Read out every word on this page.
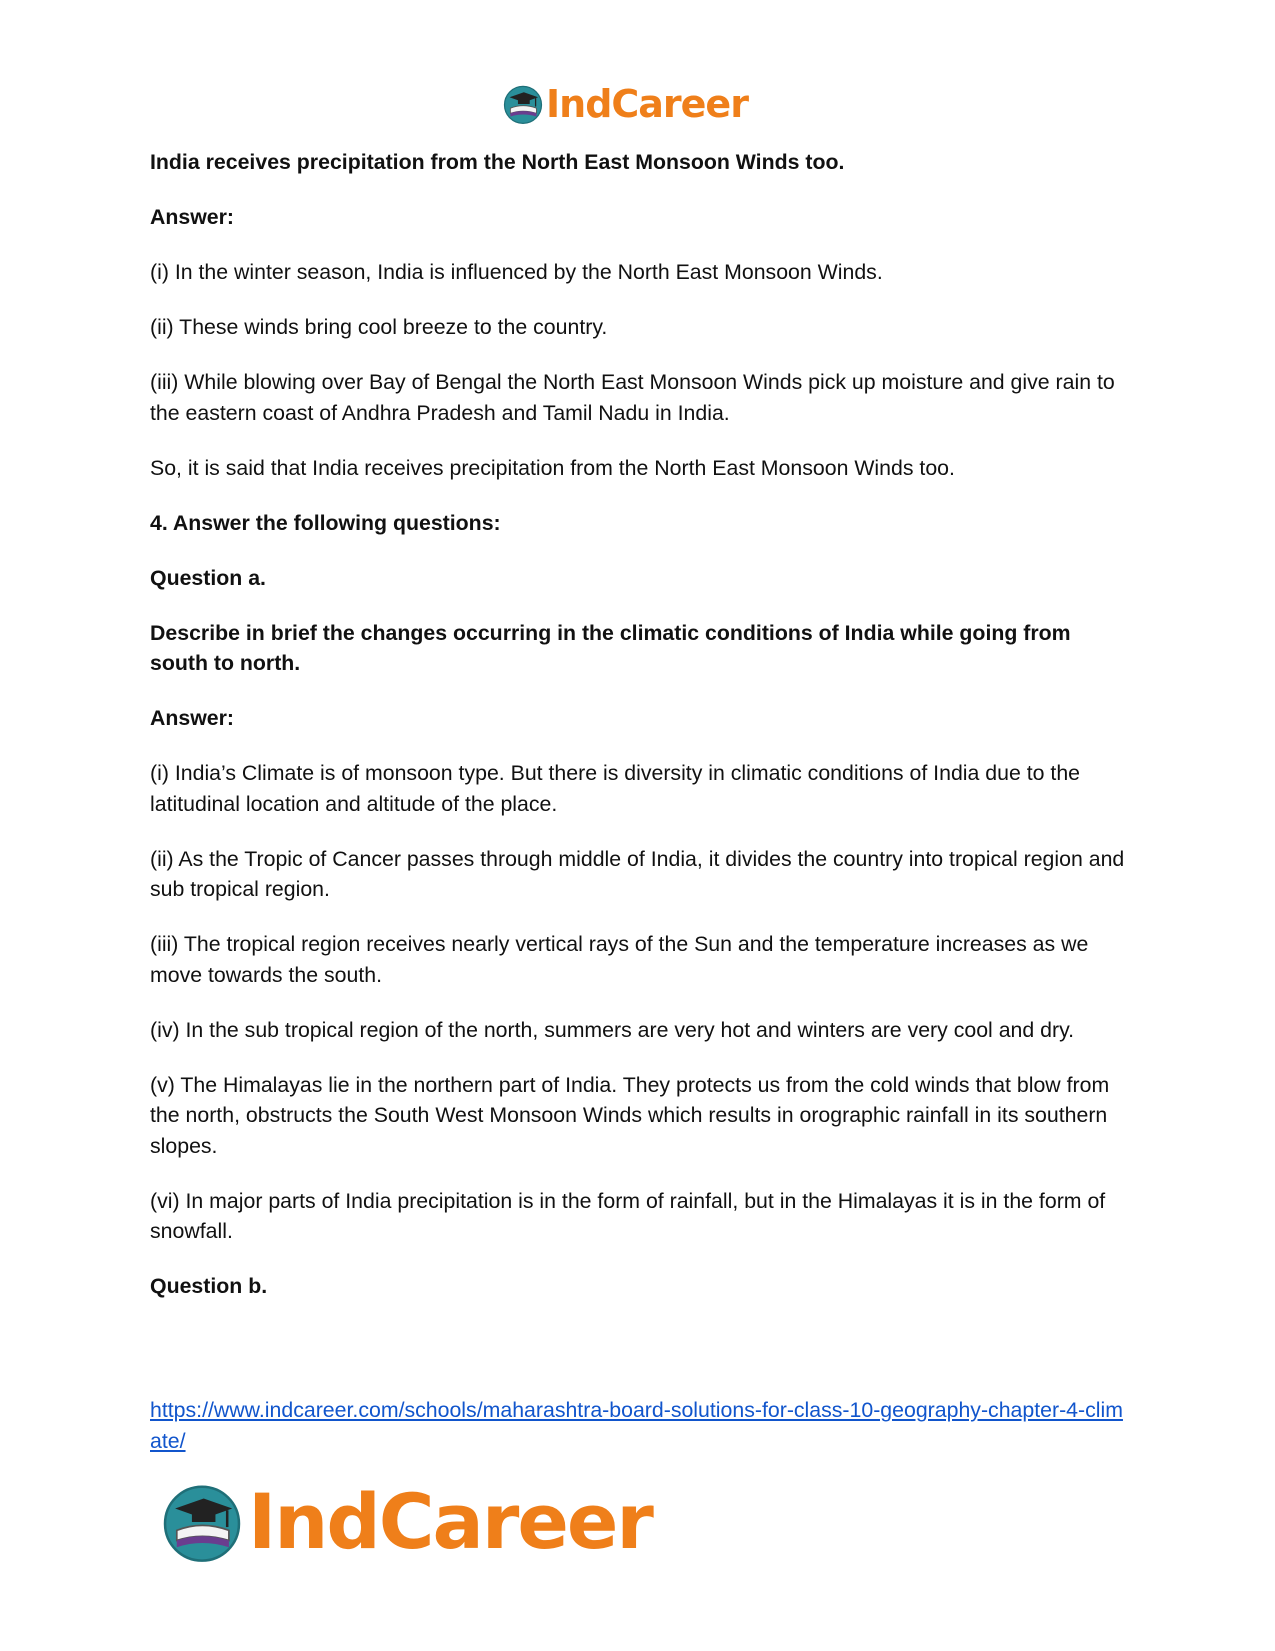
IndCareer

India receives precipitation from the North East Monsoon Winds too.

Answer:

(i) In the winter season, India is influenced by the North East Monsoon Winds.

(ii) These winds bring cool breeze to the country.

(iii) While blowing over Bay of Bengal the North East Monsoon Winds pick up moisture and give rain to the eastern coast of Andhra Pradesh and Tamil Nadu in India.

So, it is said that India receives precipitation from the North East Monsoon Winds too.

4. Answer the following questions:

Question a.

Describe in brief the changes occurring in the climatic conditions of India while going from south to north.

Answer:

(i) India’s Climate is of monsoon type. But there is diversity in climatic conditions of India due to the latitudinal location and altitude of the place.

(ii) As the Tropic of Cancer passes through middle of India, it divides the country into tropical region and sub tropical region.

(iii) The tropical region receives nearly vertical rays of the Sun and the temperature increases as we move towards the south.

(iv) In the sub tropical region of the north, summers are very hot and winters are very cool and dry.

(v) The Himalayas lie in the northern part of India. They protects us from the cold winds that blow from the north, obstructs the South West Monsoon Winds which results in orographic rainfall in its southern slopes.

(vi) In major parts of India precipitation is in the form of rainfall, but in the Himalayas it is in the form of snowfall.

Question b.

https://www.indcareer.com/schools/maharashtra-board-solutions-for-class-10-geography-chapter-4-climate/
IndCareer
